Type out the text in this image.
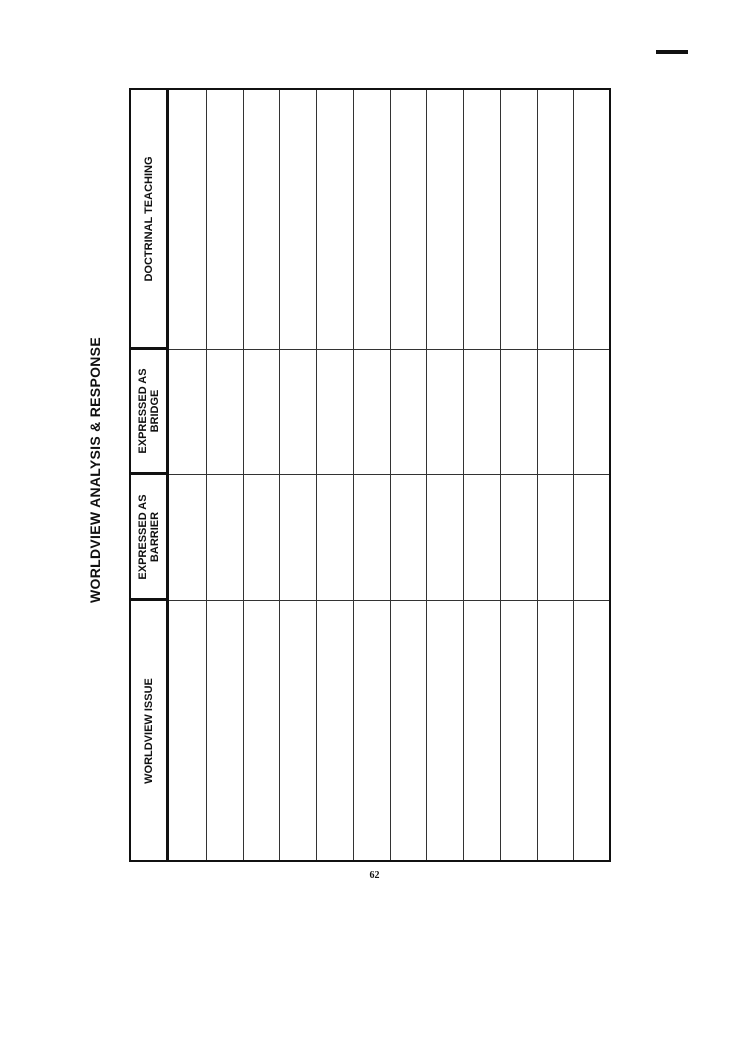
WORLDVIEW ANALYSIS & RESPONSE
DOCTRINAL TEACHING
EXPRESSED AS
BRIDGE
EXPRESSED AS
BARRIER
WORLDVIEW ISSUE
62
